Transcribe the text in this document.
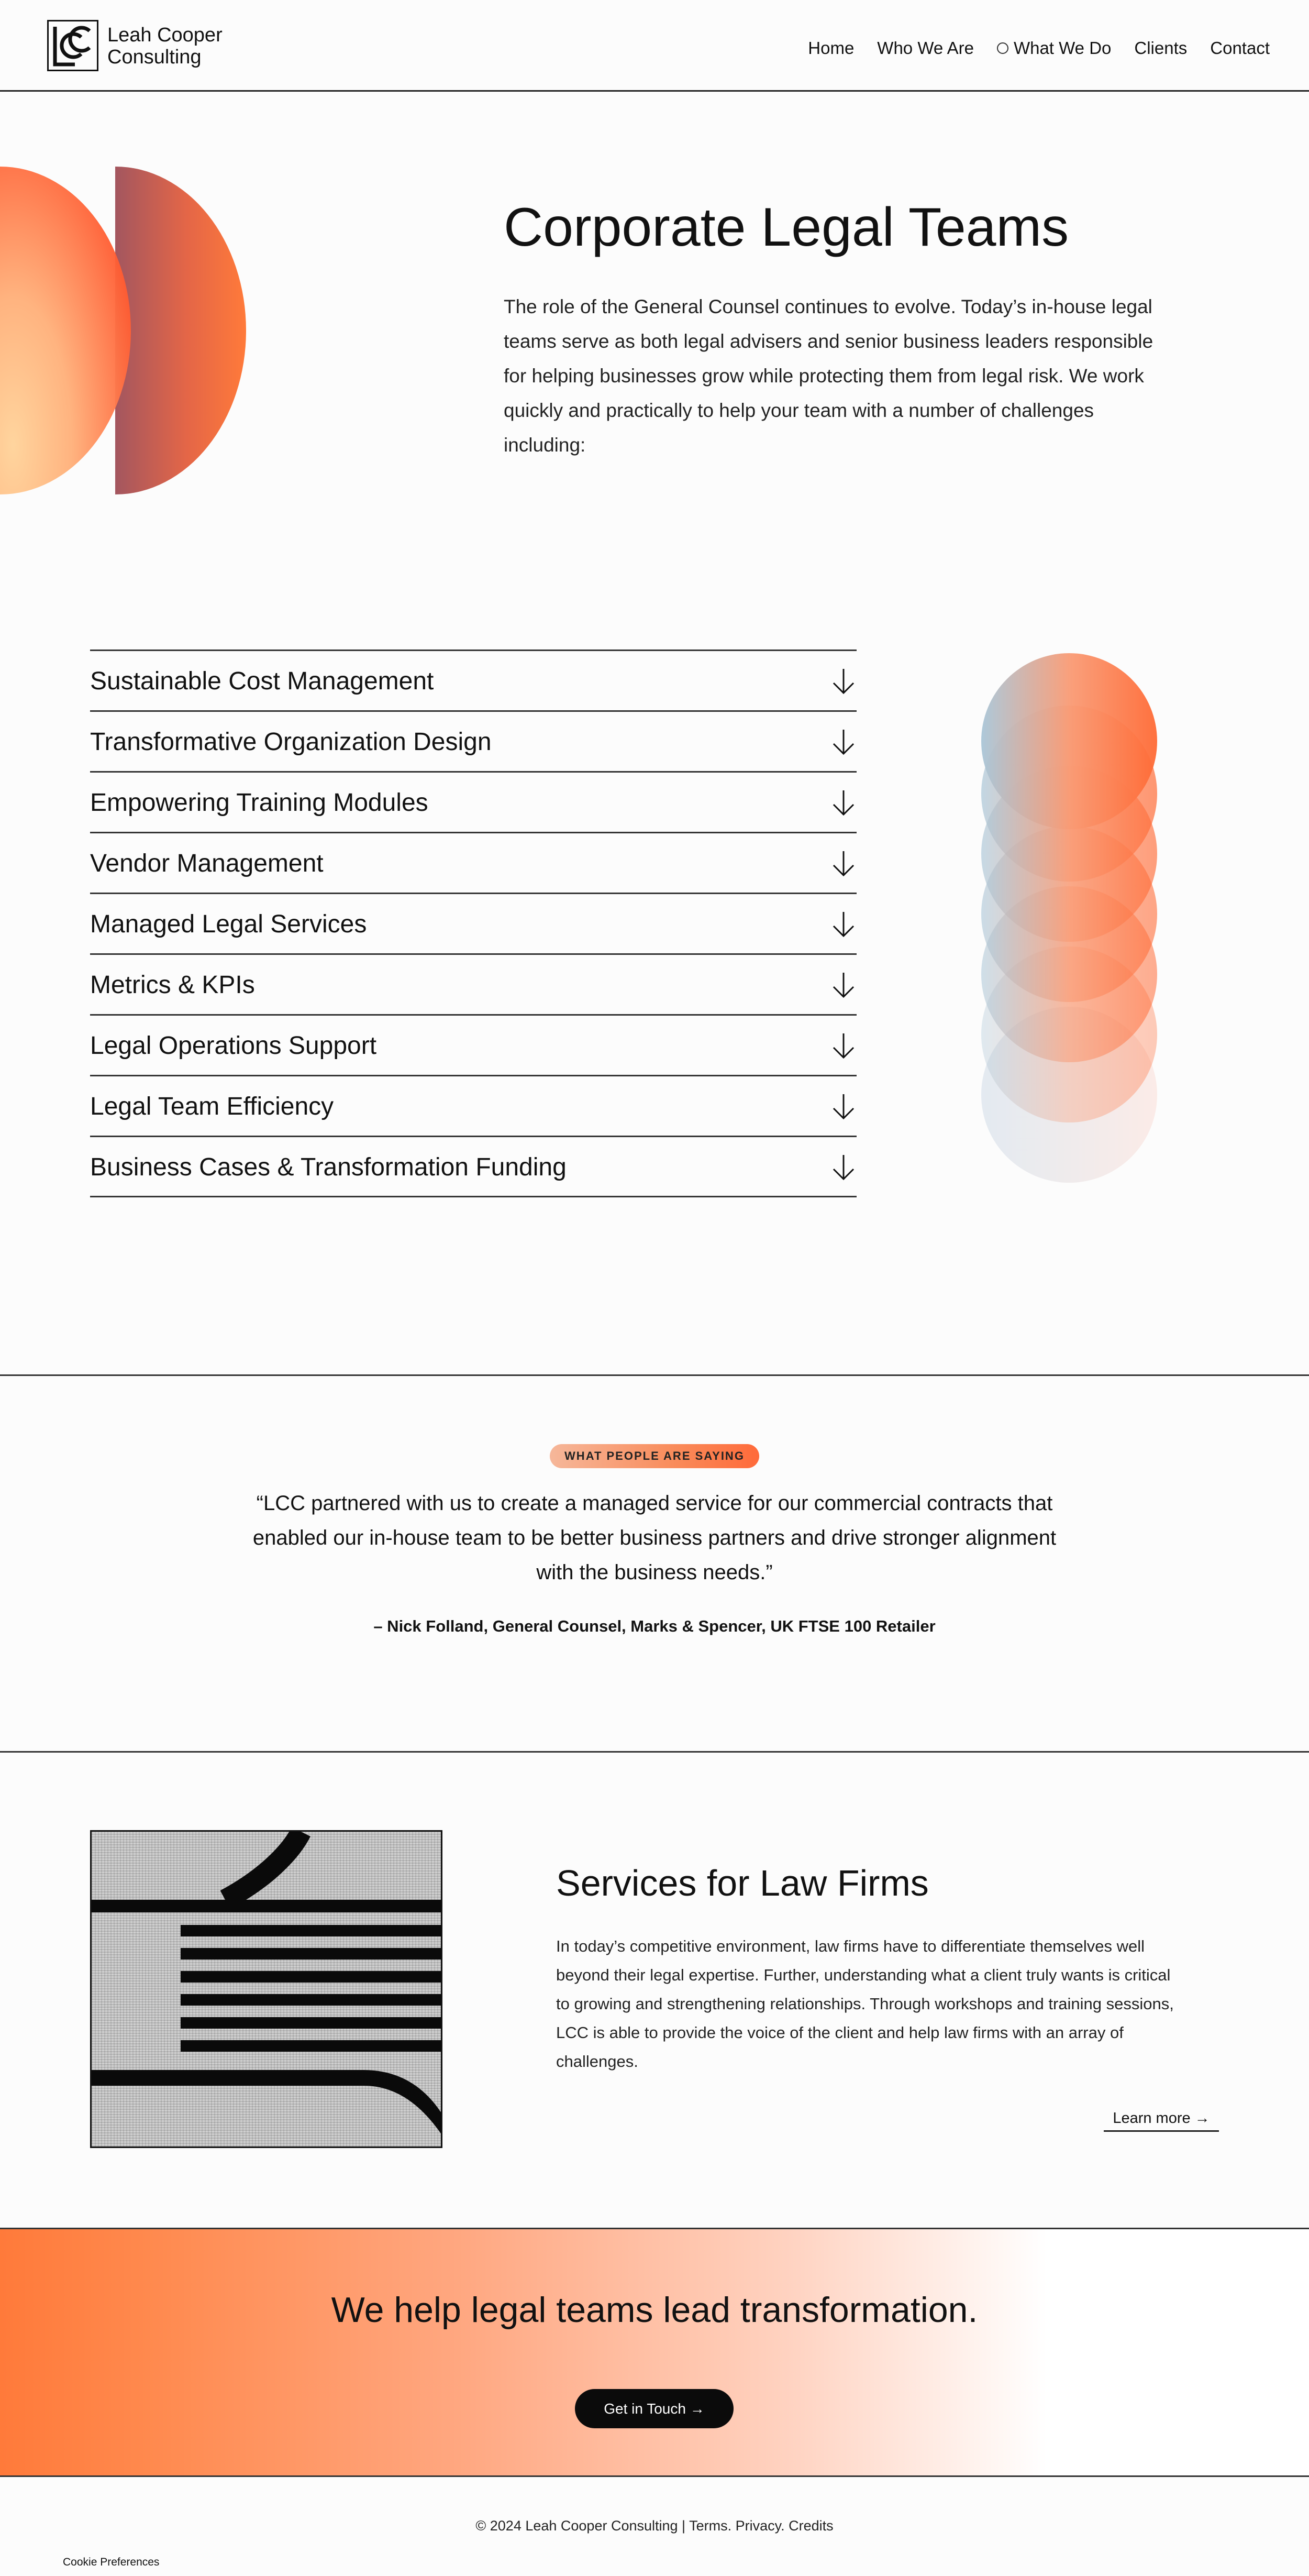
Leah Cooper
Consulting	Home Who We Are What We Do Clients Contact
Corporate Legal Teams

The role of the General Counsel continues to evolve. Today’s in-house legal teams serve as both legal advisers and senior business leaders responsible for helping businesses grow while protecting them from legal risk. We work quickly and practically to help your team with a number of challenges including:

Sustainable Cost Management
Transformative Organization Design
Empowering Training Modules
Vendor Management
Managed Legal Services
Metrics & KPIs
Legal Operations Support
Legal Team Efficiency
Business Cases & Transformation Funding
WHAT PEOPLE ARE SAYING

“LCC partnered with us to create a managed service for our commercial contracts that enabled our in-house team to be better business partners and drive stronger alignment with the business needs.”

– Nick Folland, General Counsel, Marks & Spencer, UK FTSE 100 Retailer

Services for Law Firms

In today’s competitive environment, law firms have to differentiate themselves well beyond their legal expertise. Further, understanding what a client truly wants is critical to growing and strengthening relationships. Through workshops and training sessions, LCC is able to provide the voice of the client and help law firms with an array of challenges.

Learn more →
We help legal teams lead transformation.
Get in Touch →

© 2024 Leah Cooper Consulting | Terms. Privacy. Credits

Cookie Preferences
